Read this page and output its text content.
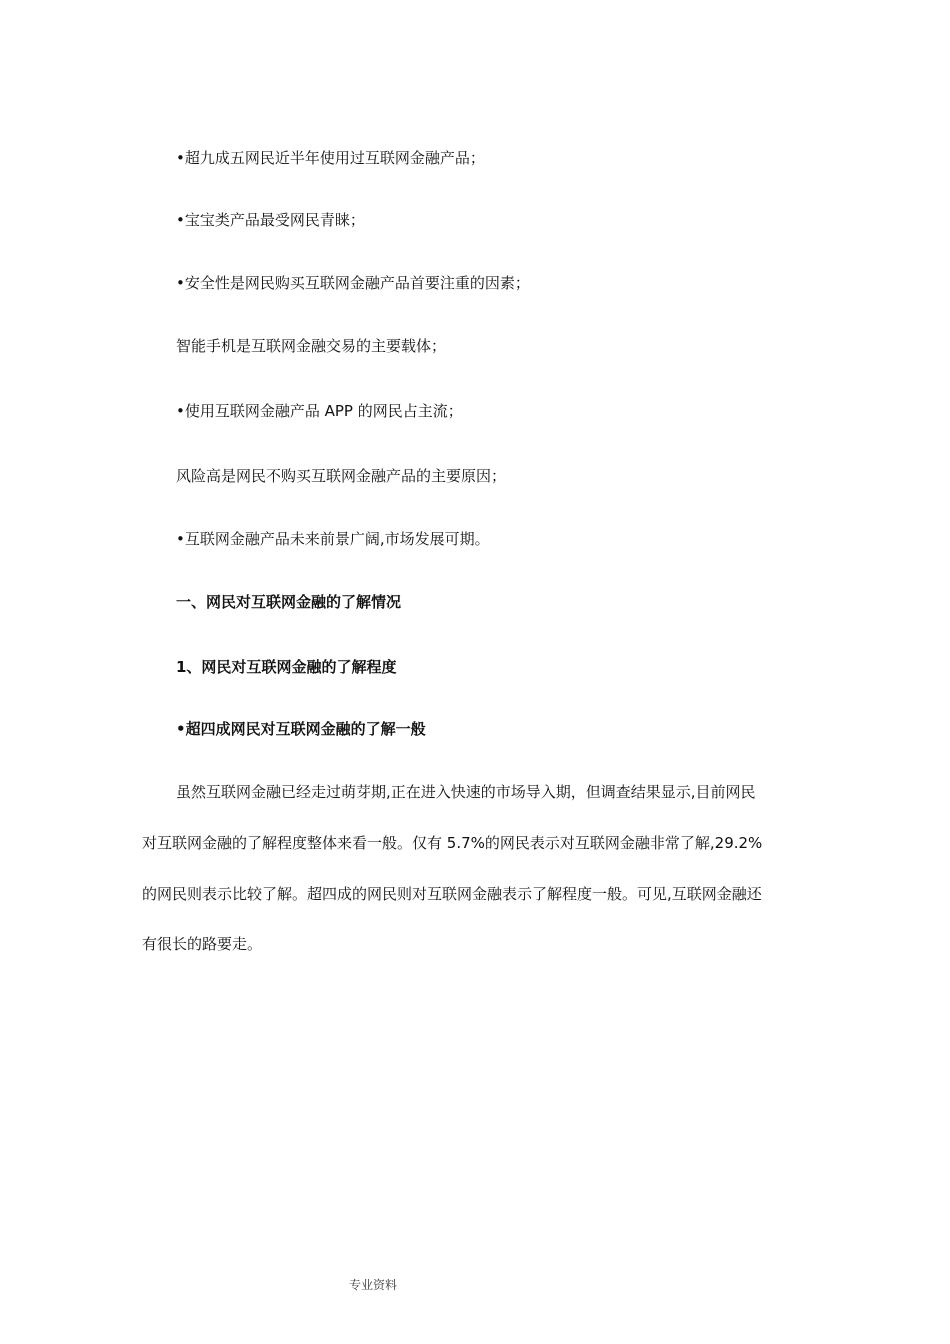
•超九成五网民近半年使用过互联网金融产品；
•宝宝类产品最受网民青睐；
•安全性是网民购买互联网金融产品首要注重的因素；
智能手机是互联网金融交易的主要载体；
•使用互联网金融产品 APP 的网民占主流；
风险高是网民不购买互联网金融产品的主要原因；
•互联网金融产品未来前景广阔,市场发展可期。
一、网民对互联网金融的了解情况
1、网民对互联网金融的了解程度
•超四成网民对互联网金融的了解一般
虽然互联网金融已经走过萌芽期,正在进入快速的市场导入期，但调查结果显示,目前网民
对互联网金融的了解程度整体来看一般。仅有 5.7%的网民表示对互联网金融非常了解,29.2%
的网民则表示比较了解。超四成的网民则对互联网金融表示了解程度一般。可见,互联网金融还
有很长的路要走。
专业资料
